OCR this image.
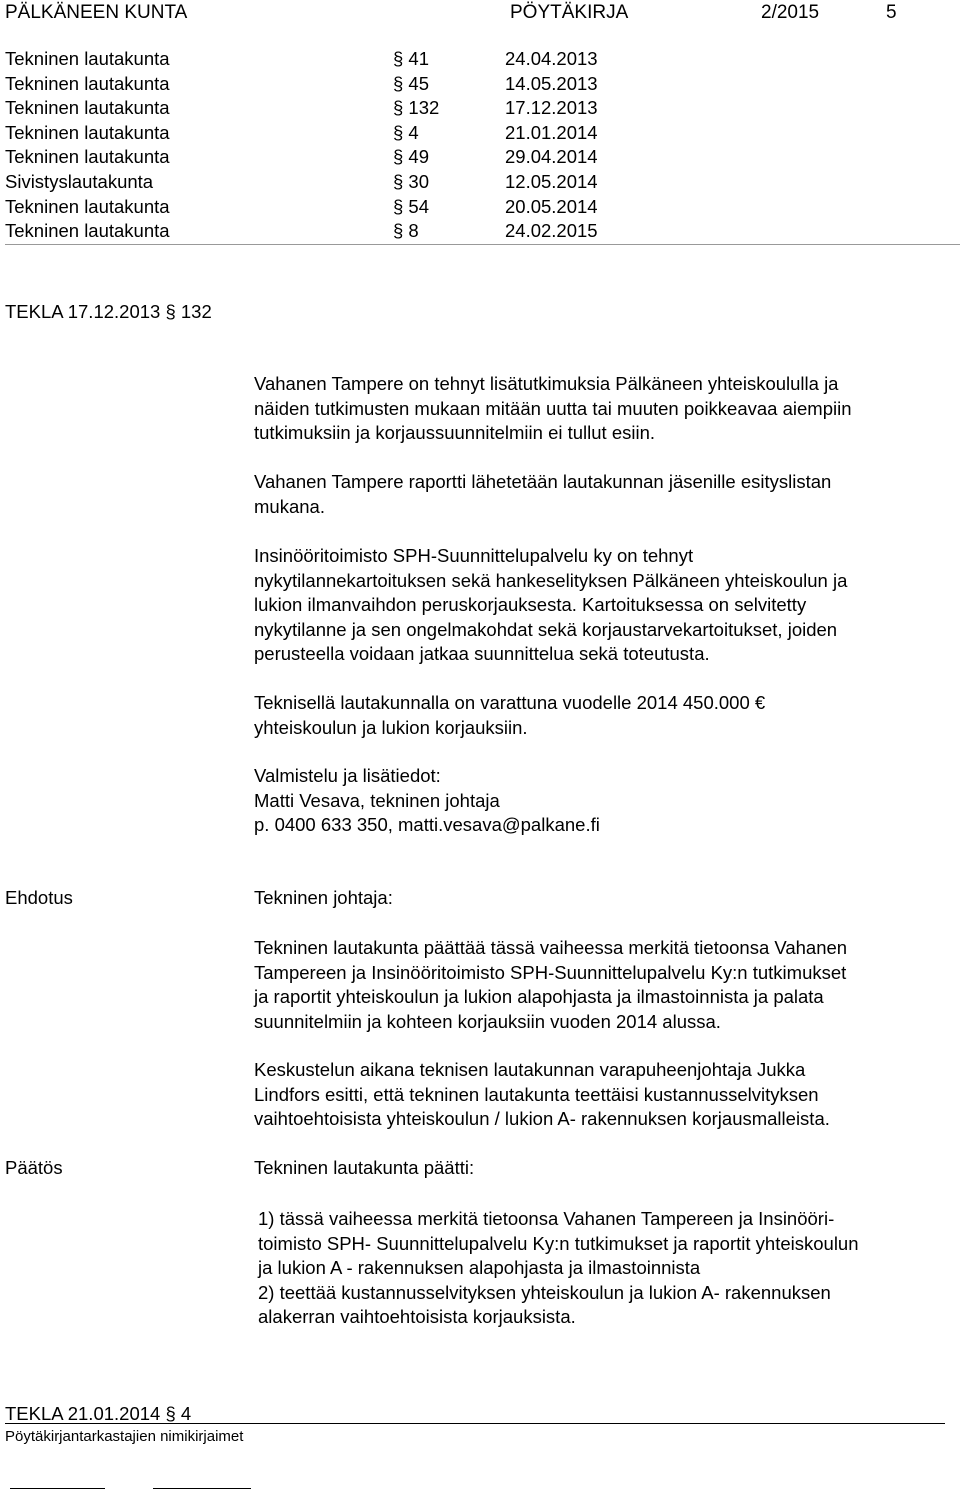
PÄLKÄNEEN KUNTA	PÖYTÄKIRJA	2/2015	5
Tekninen lautakunta	§ 41	24.04.2013
Tekninen lautakunta	§ 45	14.05.2013
Tekninen lautakunta	§ 132	17.12.2013
Tekninen lautakunta	§ 4	21.01.2014
Tekninen lautakunta	§ 49	29.04.2014
Sivistyslautakunta	§ 30	12.05.2014
Tekninen lautakunta	§ 54	20.05.2014
Tekninen lautakunta	§ 8	24.02.2015
TEKLA 17.12.2013 § 132
Vahanen Tampere on tehnyt lisätutkimuksia Pälkäneen yhteiskoululla ja
näiden tutkimusten mukaan mitään uutta tai muuten poikkeavaa aiempiin
tutkimuksiin ja korjaussuunnitelmiin ei tullut esiin.
Vahanen Tampere raportti lähetetään lautakunnan jäsenille esityslistan
mukana.
Insinööritoimisto SPH-Suunnittelupalvelu ky on tehnyt
nykytilannekartoituksen sekä hankeselityksen Pälkäneen yhteiskoulun ja
lukion ilmanvaihdon peruskorjauksesta. Kartoituksessa on selvitetty
nykytilanne ja sen ongelmakohdat sekä korjaustarvekartoitukset, joiden
perusteella voidaan jatkaa suunnittelua sekä toteutusta.
Teknisellä lautakunnalla on varattuna vuodelle 2014 450.000 €
yhteiskoulun ja lukion korjauksiin.
Valmistelu ja lisätiedot:
Matti Vesava, tekninen johtaja
p. 0400 633 350, matti.vesava@palkane.fi
Ehdotus	Tekninen johtaja:
Tekninen lautakunta päättää tässä vaiheessa merkitä tietoonsa Vahanen
Tampereen ja Insinööritoimisto SPH-Suunnittelupalvelu Ky:n tutkimukset
ja raportit yhteiskoulun ja lukion alapohjasta ja ilmastoinnista ja palata
suunnitelmiin ja kohteen korjauksiin vuoden 2014 alussa.
Keskustelun aikana teknisen lautakunnan varapuheenjohtaja Jukka
Lindfors esitti, että tekninen lautakunta teettäisi kustannusselvityksen
vaihtoehtoisista yhteiskoulun / lukion A- rakennuksen korjausmalleista.
Päätös	Tekninen lautakunta päätti:
1) tässä vaiheessa merkitä tietoonsa Vahanen Tampereen ja Insinööri-
toimisto SPH- Suunnittelupalvelu Ky:n tutkimukset ja raportit yhteiskoulun
ja lukion A - rakennuksen alapohjasta ja ilmastoinnista
2) teettää kustannusselvityksen yhteiskoulun ja lukion A- rakennuksen
alakerran vaihtoehtoisista korjauksista.
TEKLA 21.01.2014 § 4
Pöytäkirjantarkastajien nimikirjaimet
